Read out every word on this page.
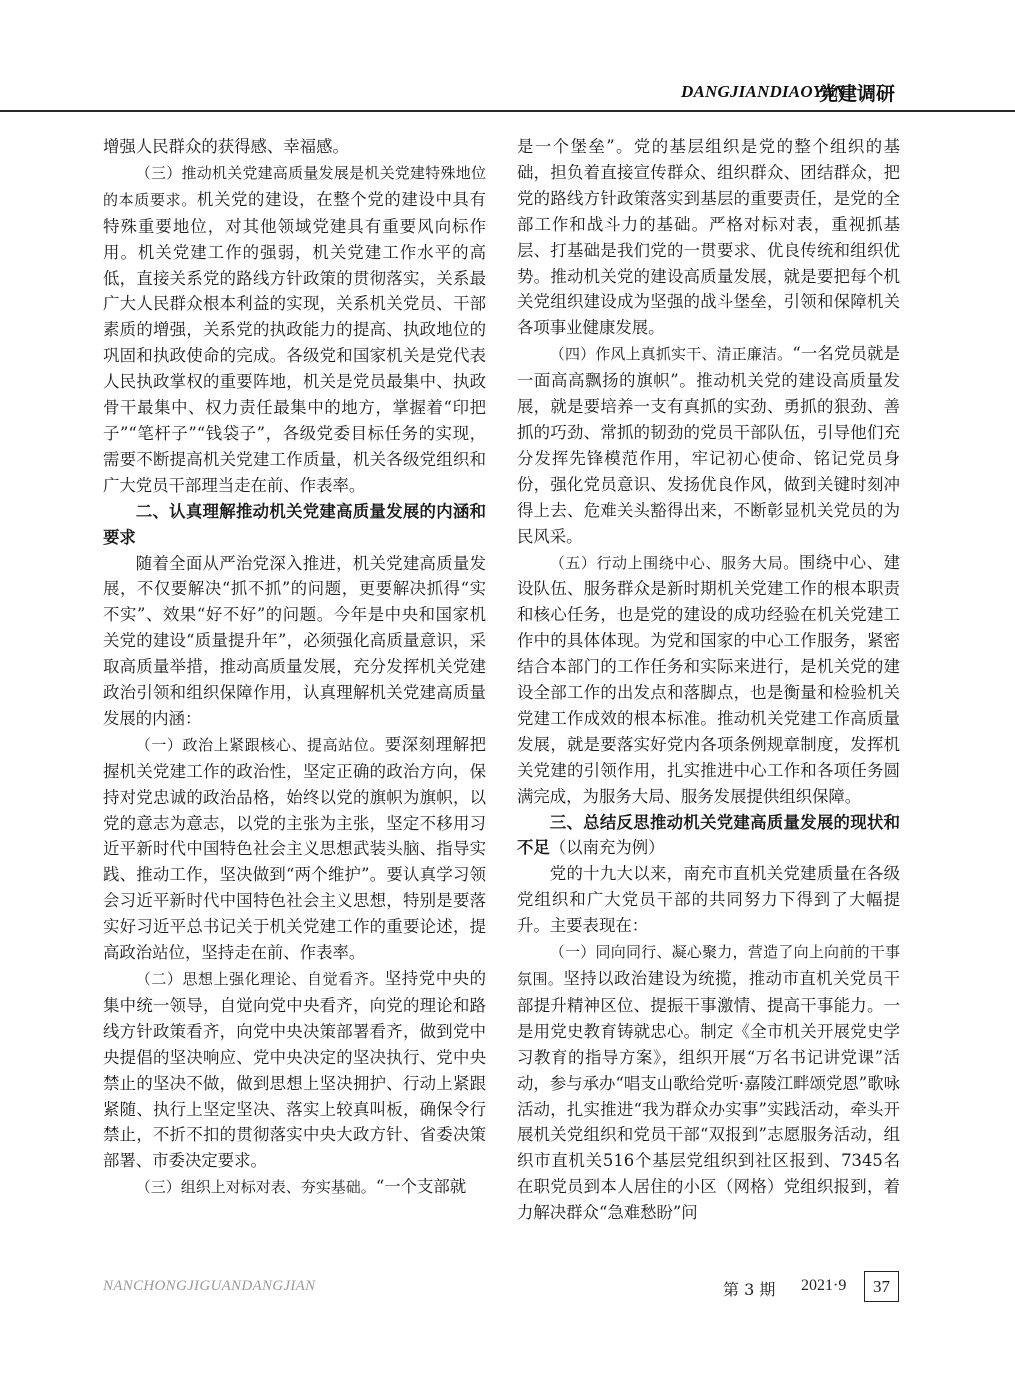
DANGJIANDIAOYAN
党建调研

增强人民群众的获得感、幸福感。

（三）推动机关党建高质量发展是机关党建特殊地位的本质要求。机关党的建设，在整个党的建设中具有特殊重要地位，对其他领域党建具有重要风向标作用。机关党建工作的强弱，机关党建工作水平的高低，直接关系党的路线方针政策的贯彻落实，关系最广大人民群众根本利益的实现，关系机关党员、干部素质的增强，关系党的执政能力的提高、执政地位的巩固和执政使命的完成。各级党和国家机关是党代表人民执政掌权的重要阵地，机关是党员最集中、执政骨干最集中、权力责任最集中的地方，掌握着“印把子”“笔杆子”“钱袋子”，各级党委目标任务的实现，需要不断提高机关党建工作质量，机关各级党组织和广大党员干部理当走在前、作表率。

二、认真理解推动机关党建高质量发展的内涵和要求

随着全面从严治党深入推进，机关党建高质量发展，不仅要解决“抓不抓”的问题，更要解决抓得“实不实”、效果“好不好”的问题。今年是中央和国家机关党的建设“质量提升年”，必须强化高质量意识，采取高质量举措，推动高质量发展，充分发挥机关党建政治引领和组织保障作用，认真理解机关党建高质量发展的内涵：

（一）政治上紧跟核心、提高站位。要深刻理解把握机关党建工作的政治性，坚定正确的政治方向，保持对党忠诚的政治品格，始终以党的旗帜为旗帜，以党的意志为意志，以党的主张为主张，坚定不移用习近平新时代中国特色社会主义思想武装头脑、指导实践、推动工作，坚决做到“两个维护”。要认真学习领会习近平新时代中国特色社会主义思想，特别是要落实好习近平总书记关于机关党建工作的重要论述，提高政治站位，坚持走在前、作表率。

（二）思想上强化理论、自觉看齐。坚持党中央的集中统一领导，自觉向党中央看齐，向党的理论和路线方针政策看齐，向党中央决策部署看齐，做到党中央提倡的坚决响应、党中央决定的坚决执行、党中央禁止的坚决不做，做到思想上坚决拥护、行动上紧跟紧随、执行上坚定坚决、落实上较真叫板，确保令行禁止，不折不扣的贯彻落实中央大政方针、省委决策部署、市委决定要求。

（三）组织上对标对表、夯实基础。“一个支部就

是一个堡垒”。党的基层组织是党的整个组织的基础，担负着直接宣传群众、组织群众、团结群众，把党的路线方针政策落实到基层的重要责任，是党的全部工作和战斗力的基础。严格对标对表，重视抓基层、打基础是我们党的一贯要求、优良传统和组织优势。推动机关党的建设高质量发展，就是要把每个机关党组织建设成为坚强的战斗堡垒，引领和保障机关各项事业健康发展。

（四）作风上真抓实干、清正廉洁。“一名党员就是一面高高飘扬的旗帜”。推动机关党的建设高质量发展，就是要培养一支有真抓的实劲、勇抓的狠劲、善抓的巧劲、常抓的韧劲的党员干部队伍，引导他们充分发挥先锋模范作用，牢记初心使命、铭记党员身份，强化党员意识、发扬优良作风，做到关键时刻冲得上去、危难关头豁得出来，不断彰显机关党员的为民风采。

（五）行动上围绕中心、服务大局。围绕中心、建设队伍、服务群众是新时期机关党建工作的根本职责和核心任务，也是党的建设的成功经验在机关党建工作中的具体体现。为党和国家的中心工作服务，紧密结合本部门的工作任务和实际来进行，是机关党的建设全部工作的出发点和落脚点，也是衡量和检验机关党建工作成效的根本标准。推动机关党建工作高质量发展，就是要落实好党内各项条例规章制度，发挥机关党建的引领作用，扎实推进中心工作和各项任务圆满完成，为服务大局、服务发展提供组织保障。

三、总结反思推动机关党建高质量发展的现状和不足（以南充为例）

党的十九大以来，南充市直机关党建质量在各级党组织和广大党员干部的共同努力下得到了大幅提升。主要表现在：

（一）同向同行、凝心聚力，营造了向上向前的干事氛围。坚持以政治建设为统揽，推动市直机关党员干部提升精神区位、提振干事激情、提高干事能力。一是用党史教育铸就忠心。制定《全市机关开展党史学习教育的指导方案》，组织开展“万名书记讲党课”活动，参与承办“唱支山歌给党听·嘉陵江畔颂党恩”歌咏活动，扎实推进“我为群众办实事”实践活动，牵头开展机关党组织和党员干部“双报到”志愿服务活动，组织市直机关516个基层党组织到社区报到、7345名在职党员到本人居住的小区（网格）党组织报到，着力解决群众“急难愁盼”问

NANCHONGJIGUANDANGJIAN	第 3 期 2021·9	37
